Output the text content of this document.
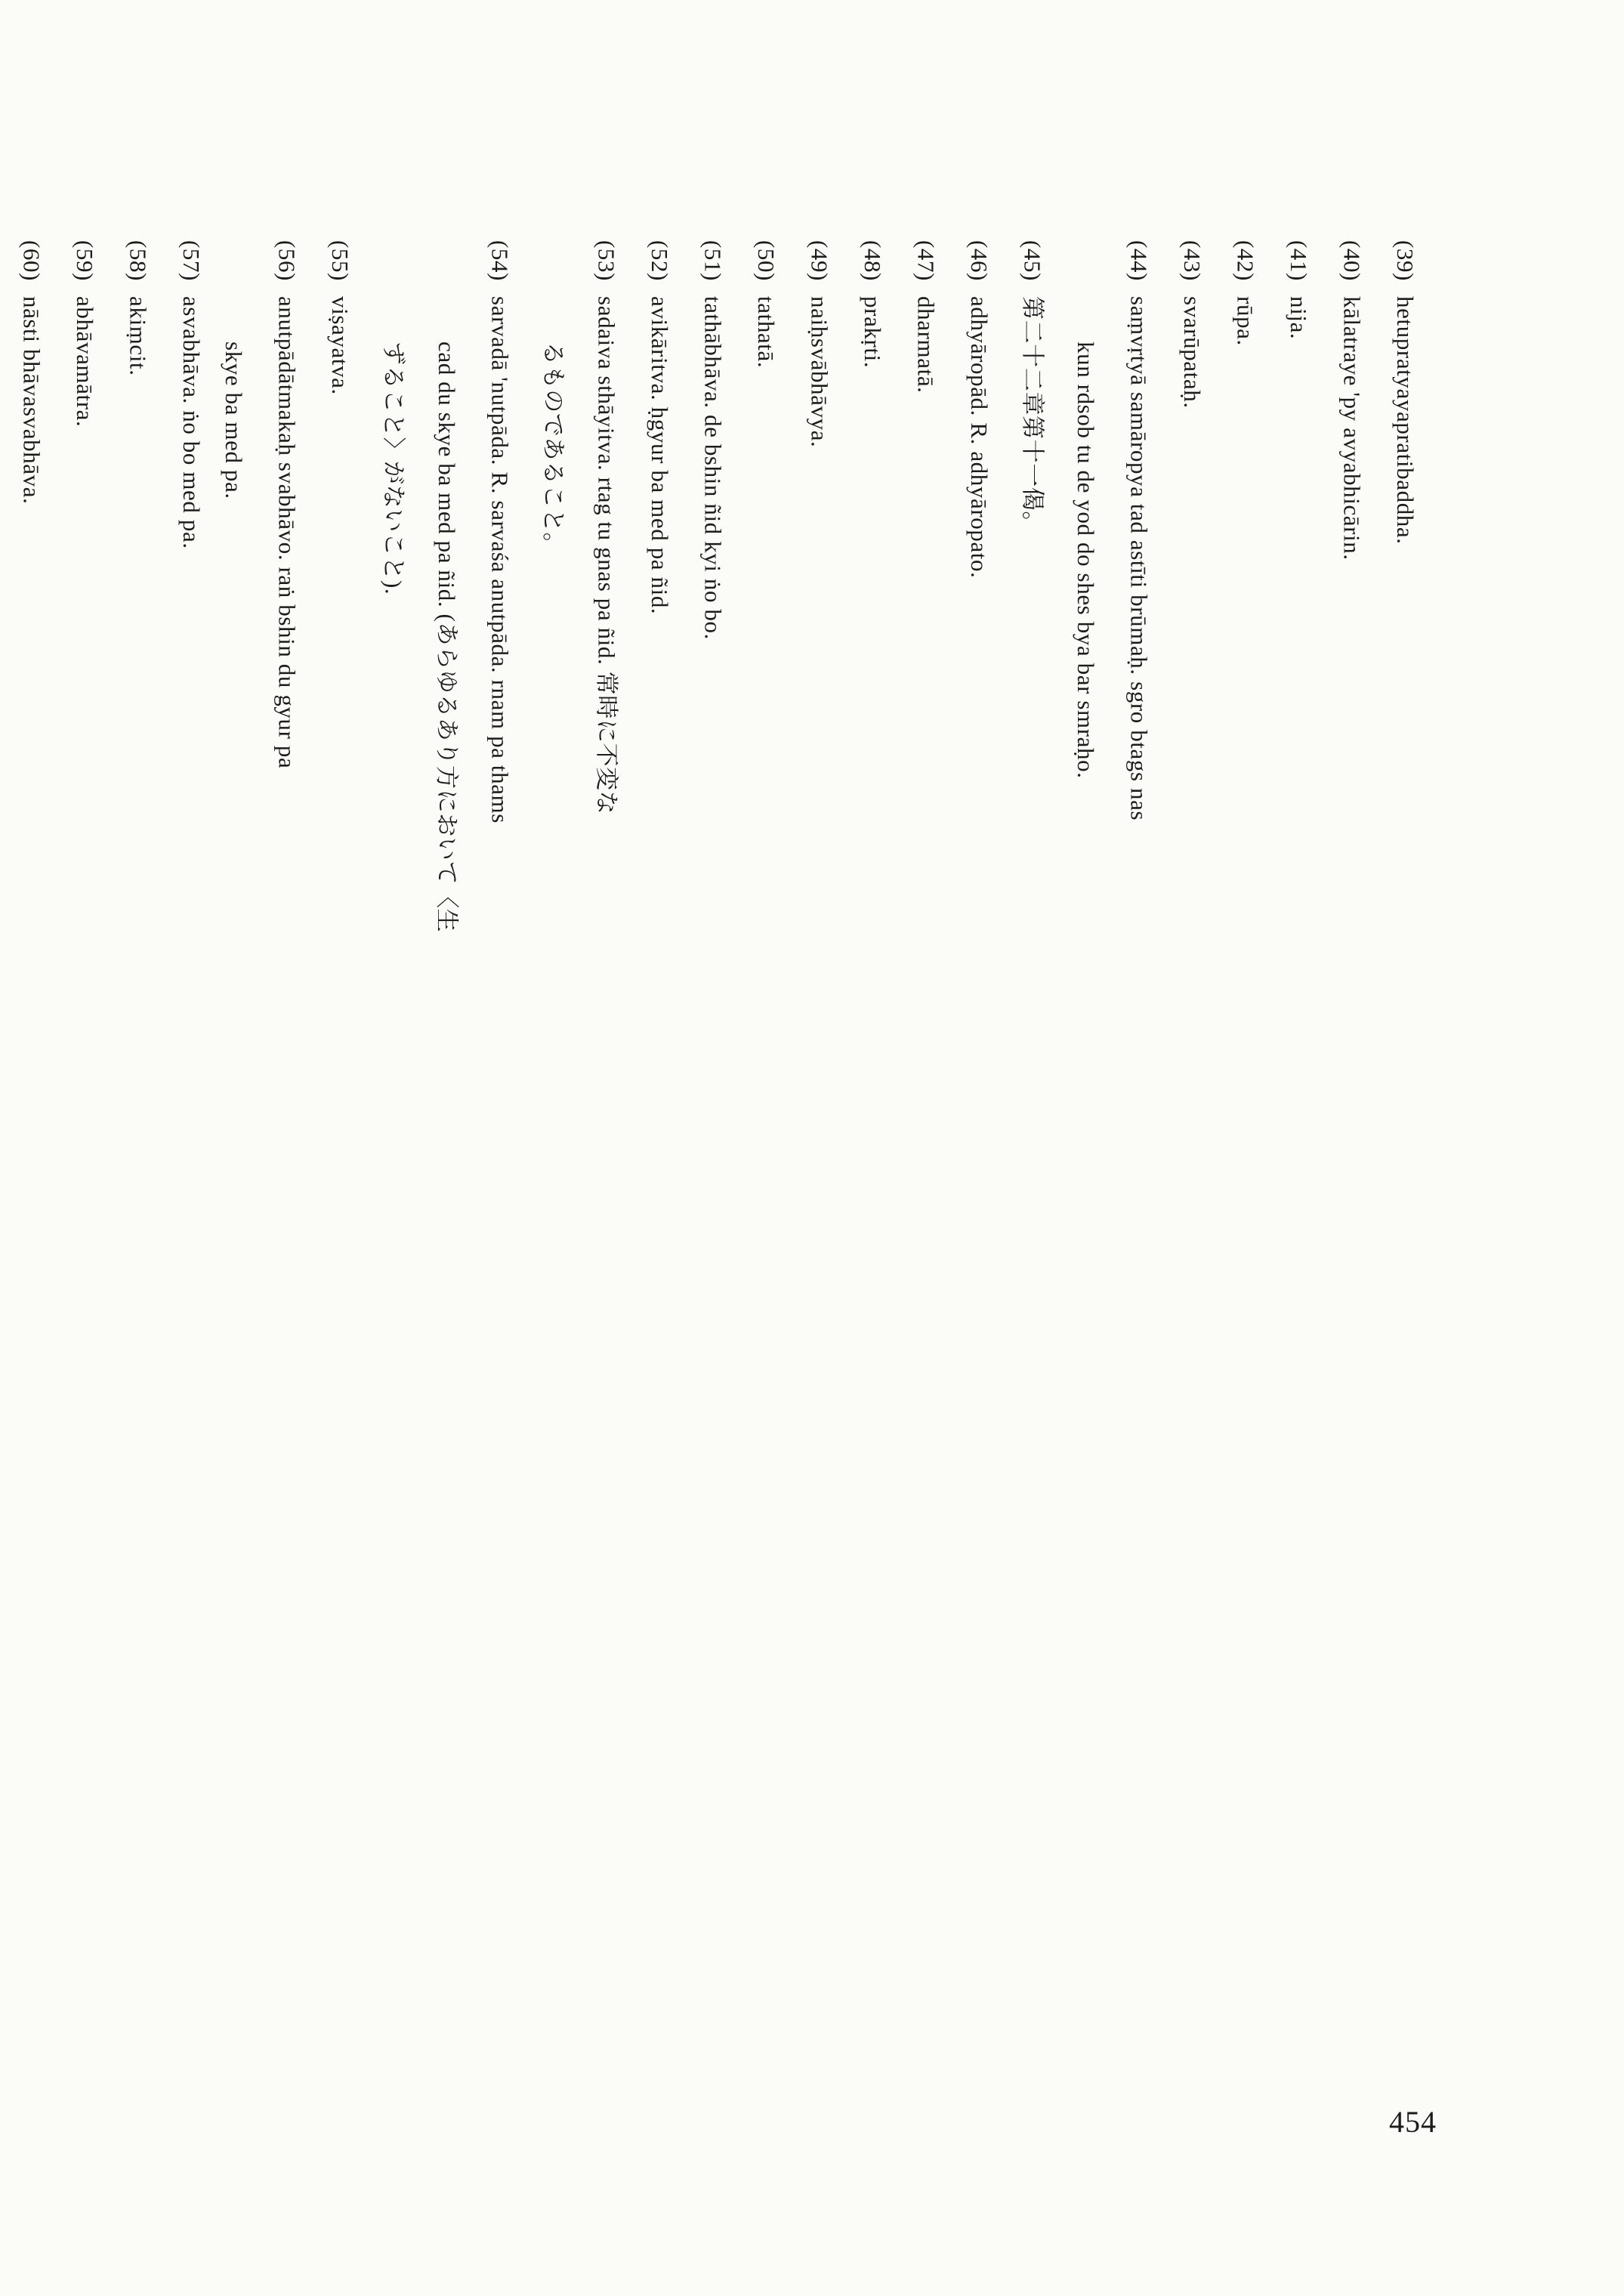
(39)hetupratyayapratibaddha.
(40)kālatraye 'py avyabhicārin.
(41)nija.
(42)rūpa.
(43)svarūpataḥ.
(44)saṃvṛtyā samāropya tad astīti brūmaḥ. sgro btags nas
kun rdsob tu de yod do shes bya bar smraḥo.
(45)第二十二章第十一偈。
(46)adhyāropād. R. adhyāropato.
(47)dharmatā.
(48)prakṛti.
(49)naiḥsvābhāvya.
(50)tathatā.
(51)tathābhāva. de bshin ñid kyi ṅo bo.
(52)avikāritva. ḥgyur ba med pa ñid.
(53)sadaiva sthāyitva. rtag tu gnas pa ñid. 常時に不変な
るものであること。
(54)sarvadā 'nutpāda. R. sarvaśa anutpāda. rnam pa thams
cad du skye ba med pa ñid. (あらゆるあり方において〈生
ずること〉がないこと).
(55)viṣayatva.
(56)anutpādātmakaḥ svabhāvo. raṅ bshin du gyur pa
skye ba med pa.
(57)asvabhāva. ṅo bo med pa.
(58)akiṃcit.
(59)abhāvamātra.
(60)nāsti bhāvasvabhāva.
454
